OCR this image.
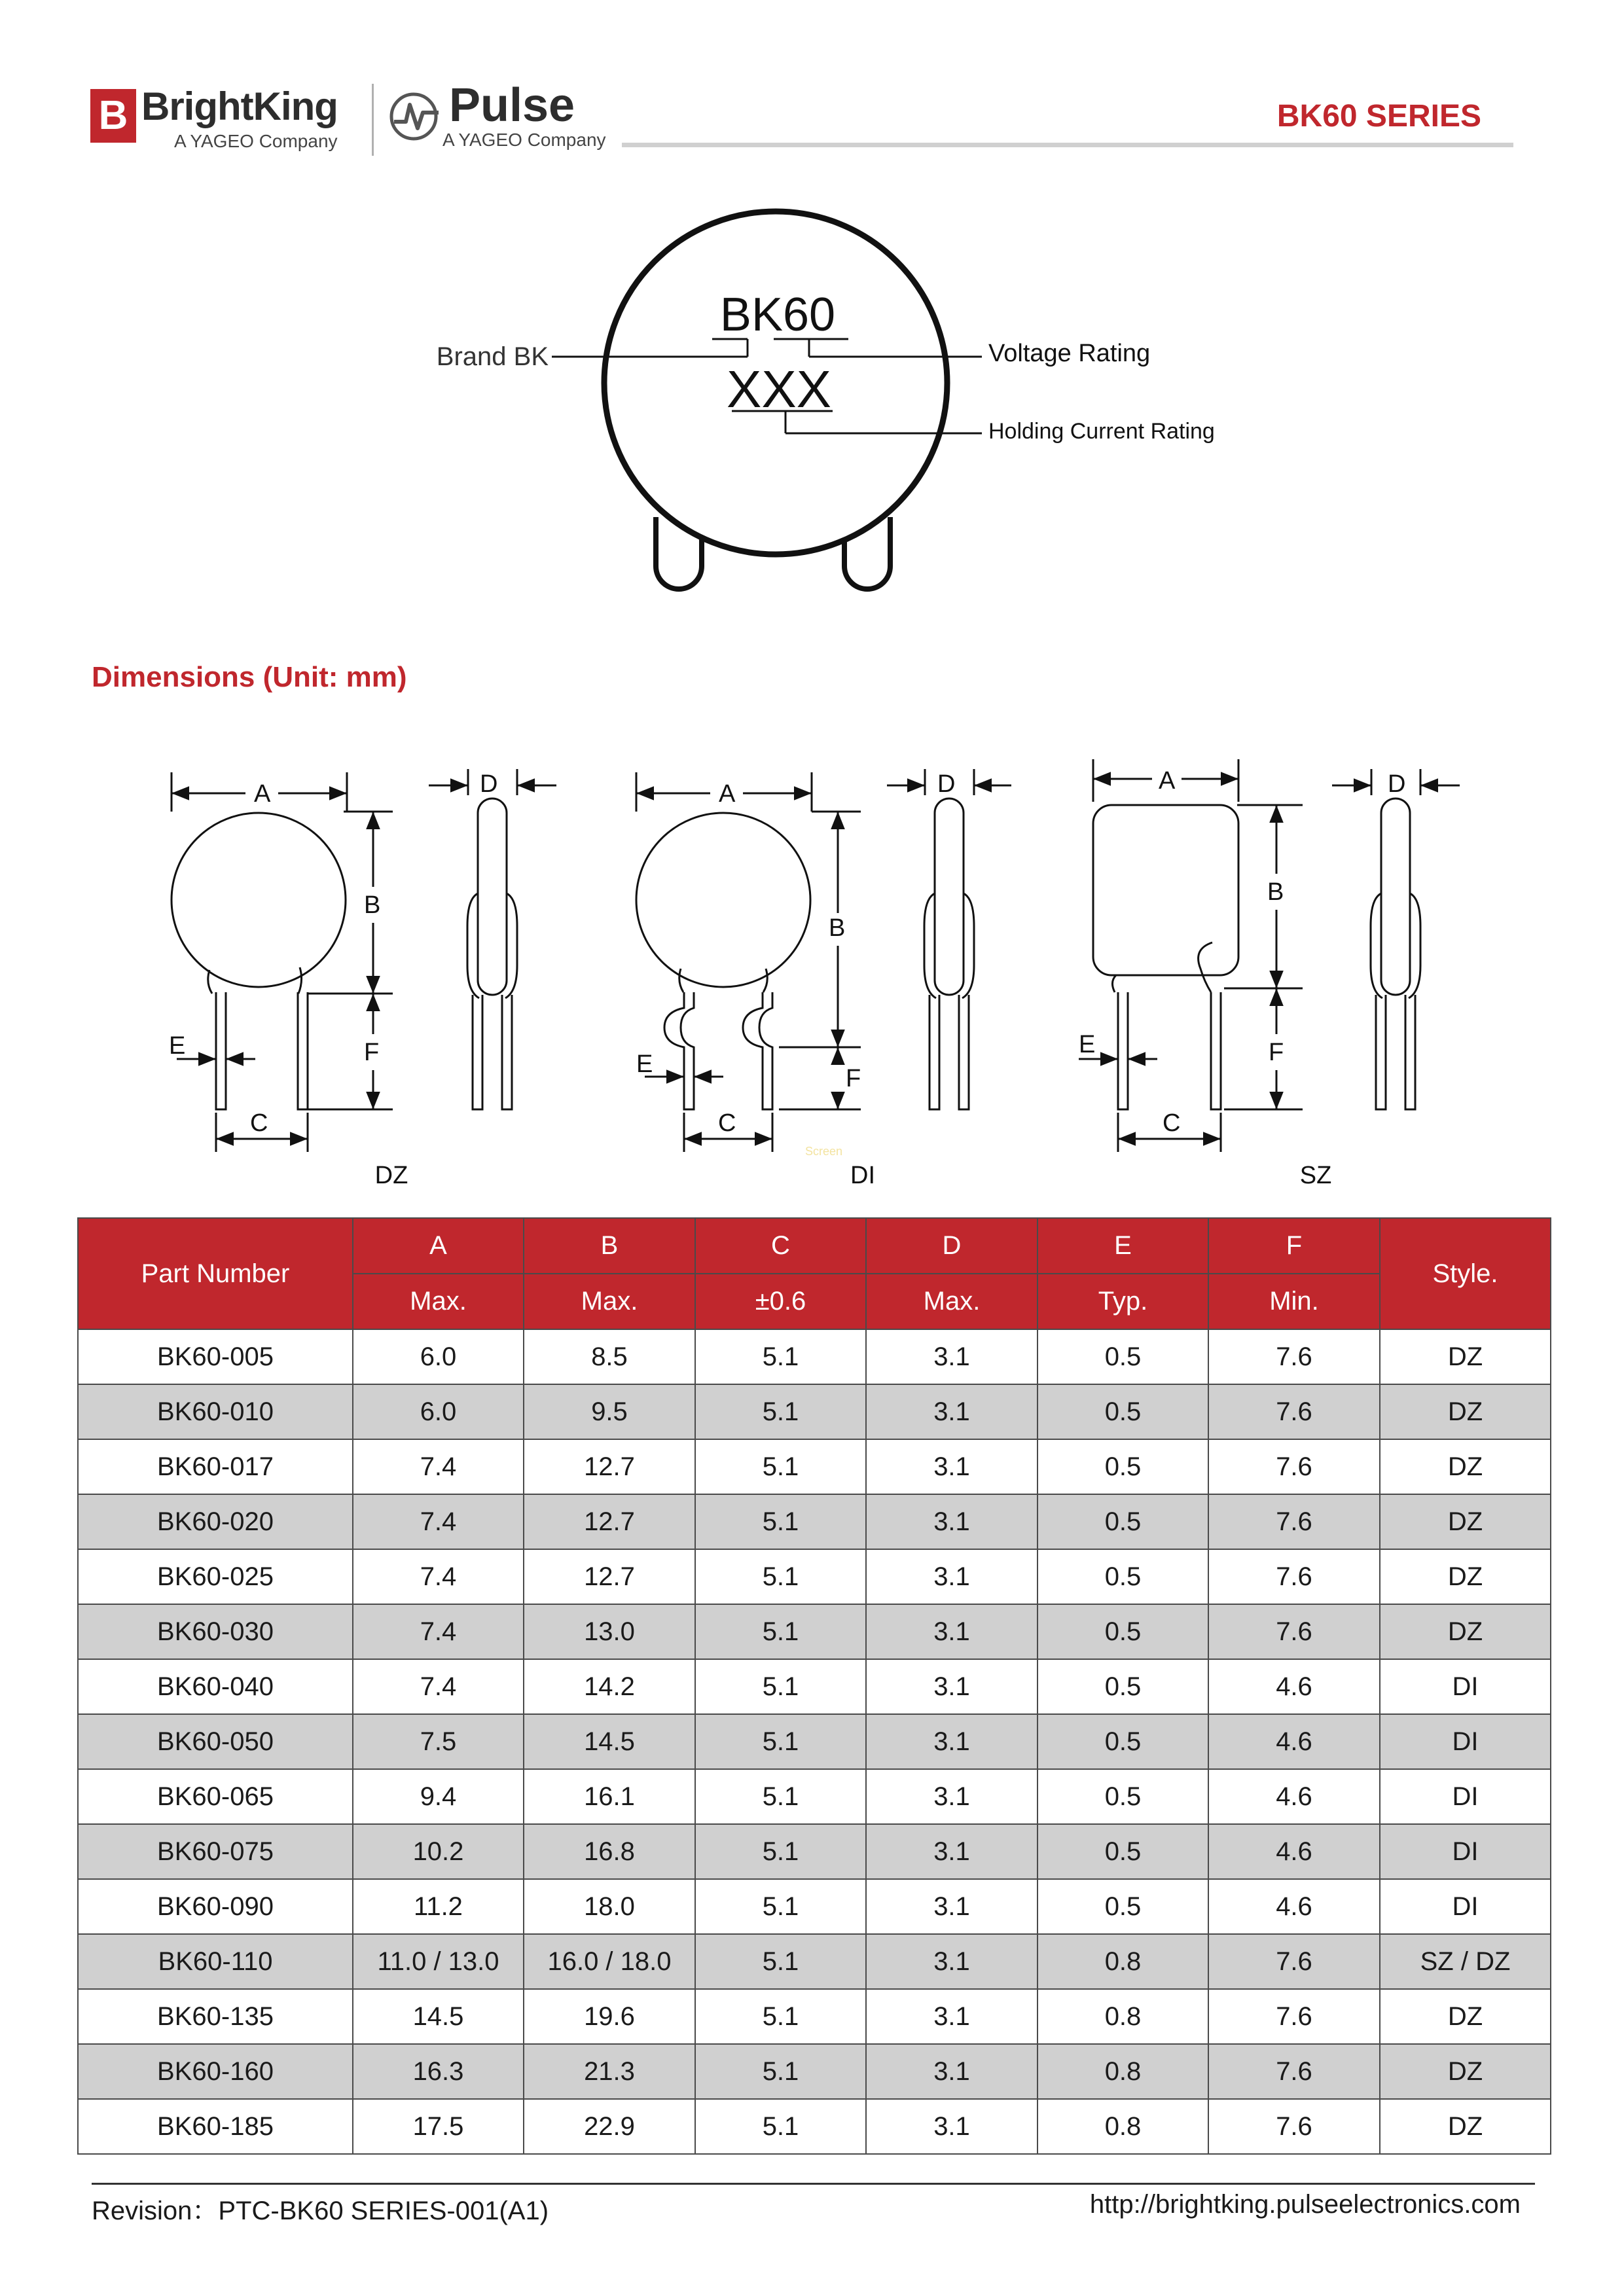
B BrightKing
A YAGEO Company
Pulse
A YAGEO Company
BK60 SERIES
BK60
XXX
Brand BK	Voltage Rating
Holding Current Rating
Dimensions (Unit: mm)
A
B
C
D
E	F
A
B
C
D
E
F
A
B
C
D
E	F
DZ	DI	SZ
Screen
Part Number	A	B	C	D	E	F	Style.
	Max.	Max.	±0.6	Max.	Typ.	Min.	
BK60-005	6.0	8.5	5.1	3.1	0.5	7.6	DZ
BK60-010	6.0	9.5	5.1	3.1	0.5	7.6	DZ
BK60-017	7.4	12.7	5.1	3.1	0.5	7.6	DZ
BK60-020	7.4	12.7	5.1	3.1	0.5	7.6	DZ
BK60-025	7.4	12.7	5.1	3.1	0.5	7.6	DZ
BK60-030	7.4	13.0	5.1	3.1	0.5	7.6	DZ
BK60-040	7.4	14.2	5.1	3.1	0.5	4.6	DI
BK60-050	7.5	14.5	5.1	3.1	0.5	4.6	DI
BK60-065	9.4	16.1	5.1	3.1	0.5	4.6	DI
BK60-075	10.2	16.8	5.1	3.1	0.5	4.6	DI
BK60-090	11.2	18.0	5.1	3.1	0.5	4.6	DI
BK60-110	11.0 / 13.0	16.0 / 18.0	5.1	3.1	0.8	7.6	SZ / DZ
BK60-135	14.5	19.6	5.1	3.1	0.8	7.6	DZ
BK60-160	16.3	21.3	5.1	3.1	0.8	7.6	DZ
BK60-185	17.5	22.9	5.1	3.1	0.8	7.6	DZ
Revision：PTC-BK60 SERIES-001(A1)	http://brightking.pulseelectronics.com
